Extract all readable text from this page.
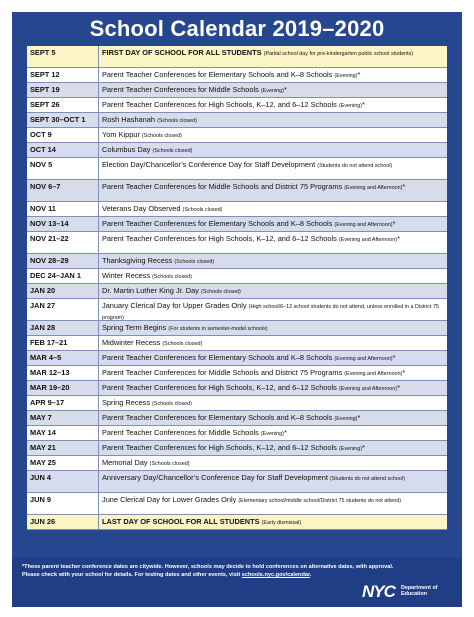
School Calendar 2019–2020
SEPT 5	FIRST DAY OF SCHOOL FOR ALL STUDENTS (Partial school day for pre-kindergarten public school students)
SEPT 12	Parent Teacher Conferences for Elementary Schools and K–8 Schools (Evening)*
SEPT 19	Parent Teacher Conferences for Middle Schools (Evening)*
SEPT 26	Parent Teacher Conferences for High Schools, K–12, and 6–12 Schools (Evening)*
SEPT 30–OCT 1	Rosh Hashanah (Schools closed)
OCT 9	Yom Kippur (Schools closed)
OCT 14	Columbus Day (Schools closed)
NOV 5	Election Day/Chancellor’s Conference Day for Staff Development (Students do not attend school)
NOV 6–7	Parent Teacher Conferences for Middle Schools and District 75 Programs (Evening and Afternoon)*
NOV 11	Veterans Day Observed (Schools closed)
NOV 13–14	Parent Teacher Conferences for Elementary Schools and K–8 Schools (Evening and Afternoon)*
NOV 21–22	Parent Teacher Conferences for High Schools, K–12, and 6–12 Schools (Evening and Afternoon)*
NOV 28–29	Thanksgiving Recess (Schools closed)
DEC 24–JAN 1	Winter Recess (Schools closed)
JAN 20	Dr. Martin Luther King Jr. Day (Schools closed)
JAN 27	January Clerical Day for Upper Grades Only (High school/6–12 school students do not attend, unless enrolled in a District 75 program)
JAN 28	Spring Term Begins (For students in semester-model schools)
FEB 17–21	Midwinter Recess (Schools closed)
MAR 4–5	Parent Teacher Conferences for Elementary Schools and K–8 Schools (Evening and Afternoon)*
MAR 12–13	Parent Teacher Conferences for Middle Schools and District 75 Programs (Evening and Afternoon)*
MAR 19–20	Parent Teacher Conferences for High Schools, K–12, and 6–12 Schools (Evening and Afternoon)*
APR 9–17	Spring Recess (Schools closed)
MAY 7	Parent Teacher Conferences for Elementary Schools and K–8 Schools (Evening)*
MAY 14	Parent Teacher Conferences for Middle Schools (Evening)*
MAY 21	Parent Teacher Conferences for High Schools, K–12, and 6–12 Schools (Evening)*
MAY 25	Memorial Day (Schools closed)
JUN 4	Anniversary Day/Chancellor’s Conference Day for Staff Development (Students do not attend school)
JUN 9	June Clerical Day for Lower Grades Only (Elementary school/middle school/District 75 students do not attend)
JUN 26	LAST DAY OF SCHOOL FOR ALL STUDENTS (Early dismissal)
*These parent teacher conference dates are citywide. However, schools may decide to hold conferences on alternative dates, with approval.
Please check with your school for details. For testing dates and other events, visit schools.nyc.gov/calendar.
NYC Department of
Education
